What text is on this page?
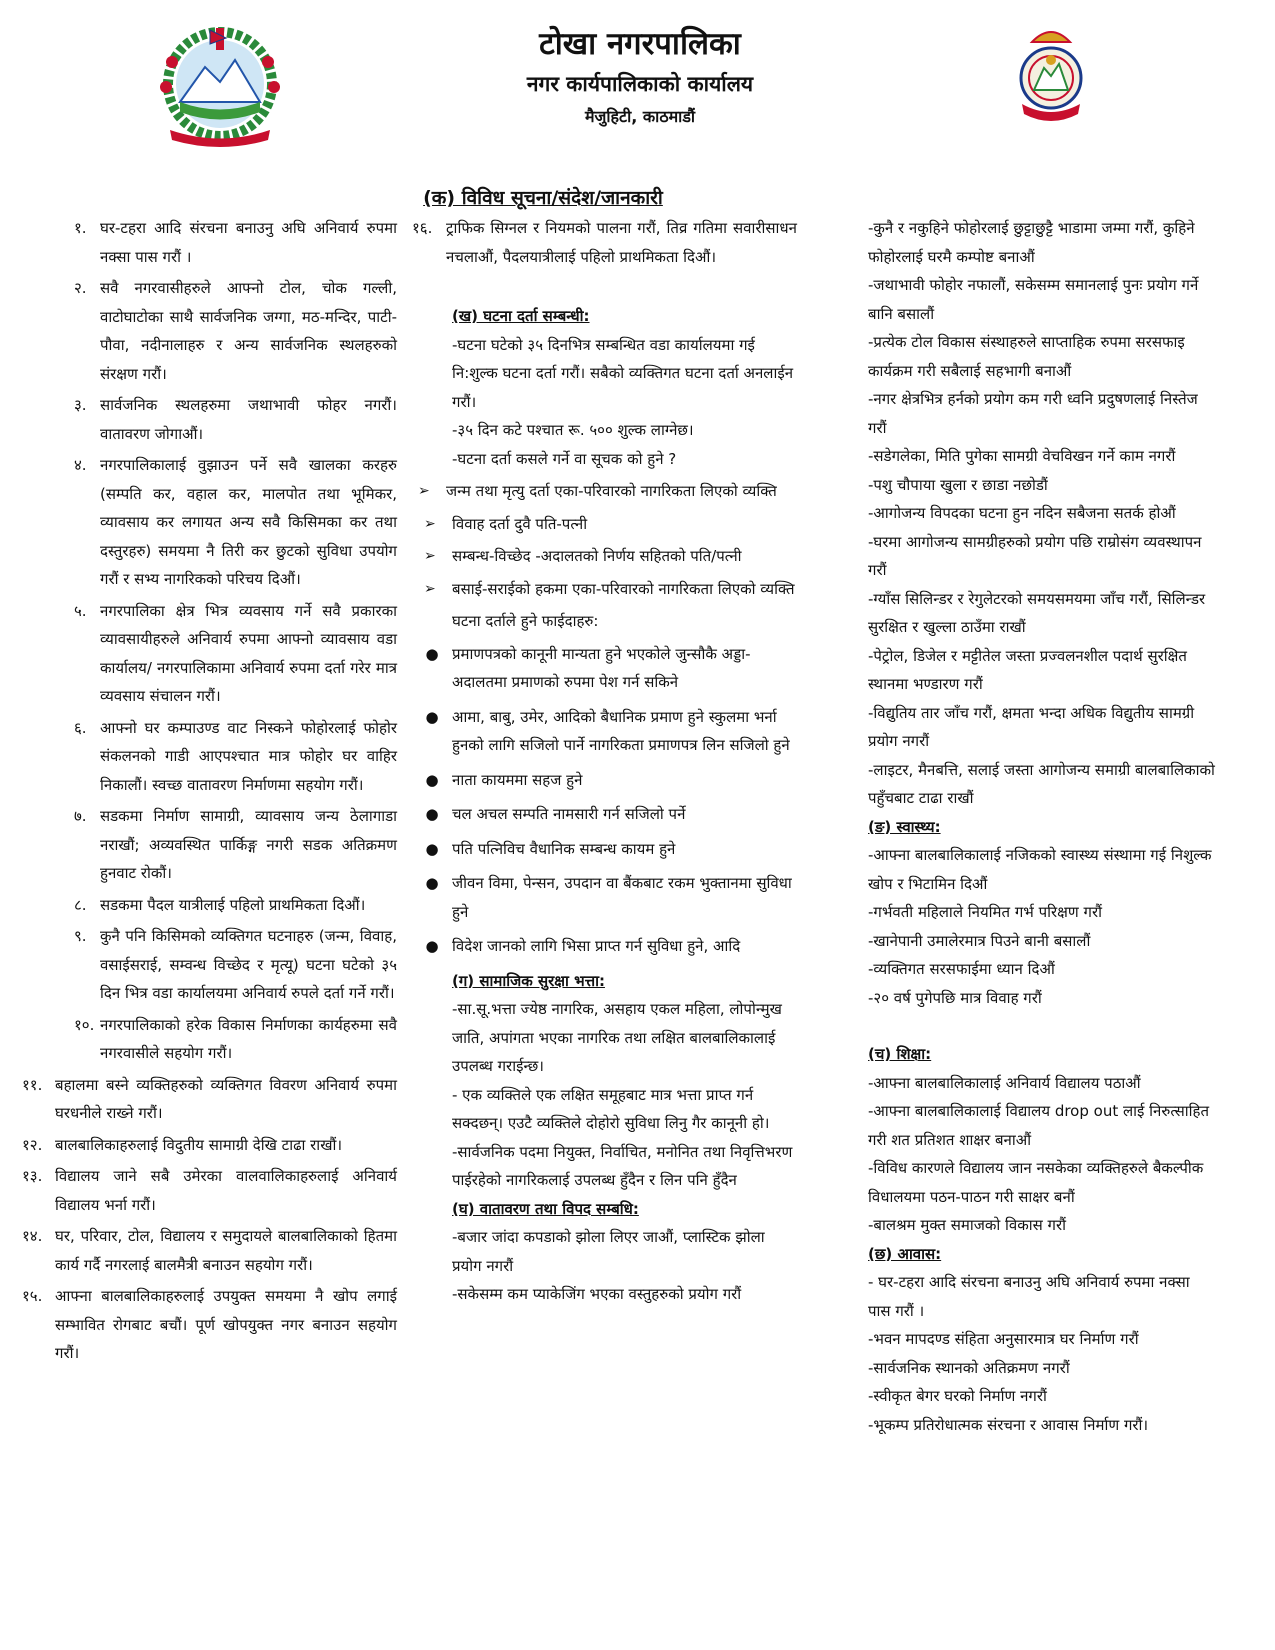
टोखा नगरपालिका
नगर कार्यपालिकाको कार्यालय
मैजुहिटी, काठमाडौं
(क) विविध सूचना/संदेश/जानकारी
१. घर-टहरा आदि संरचना बनाउनु अघि अनिवार्य रुपमा नक्सा पास गरौं ।
२. सवै नगरवासीहरुले आफ्नो टोल, चोक गल्ली, वाटोघाटोका साथै सार्वजनिक जग्गा, मठ-मन्दिर, पाटी-पौवा, नदीनालाहरु र अन्य सार्वजनिक स्थलहरुको संरक्षण गरौं।
३. सार्वजनिक स्थलहरुमा जथाभावी फोहर नगरौं। वातावरण जोगाऔं।
४. नगरपालिकालाई वुझाउन पर्ने सवै खालका करहरु (सम्पति कर, वहाल कर, मालपोत तथा भूमिकर, व्यावसाय कर लगायत अन्य सवै किसिमका कर तथा दस्तुरहरु) समयमा नै तिरी कर छुटको सुविधा उपयोग गरौं र सभ्य नागरिकको परिचय दिऔं।
५. नगरपालिका क्षेत्र भित्र व्यवसाय गर्ने सवै प्रकारका व्यावसायीहरुले अनिवार्य रुपमा आफ्नो व्यावसाय वडा कार्यालय/ नगरपालिकामा अनिवार्य रुपमा दर्ता गरेर मात्र व्यवसाय संचालन गरौं।
६. आफ्नो घर कम्पाउण्ड वाट निस्कने फोहोरलाई फोहोर संकलनको गाडी आएपश्चात मात्र फोहोर घर वाहिर निकालौं। स्वच्छ वातावरण निर्माणमा सहयोग गरौं।
७. सडकमा निर्माण सामाग्री, व्यावसाय जन्य ठेलागाडा नराखौं; अव्यवस्थित पार्किङ्ग नगरी सडक अतिक्रमण हुनवाट रोकौं।
८. सडकमा पैदल यात्रीलाई पहिलो प्राथमिकता दिऔं।
९. कुनै पनि किसिमको व्यक्तिगत घटनाहरु (जन्म, विवाह, वसाईसराई, सम्वन्ध विच्छेद र मृत्यू) घटना घटेको ३५ दिन भित्र वडा कार्यालयमा अनिवार्य रुपले दर्ता गर्ने गरौं।
१०. नगरपालिकाको हरेक विकास निर्माणका कार्यहरुमा सवै नगरवासीले सहयोग गरौं।
११. बहालमा बस्ने व्यक्तिहरुको व्यक्तिगत विवरण अनिवार्य रुपमा घरधनीले राख्ने गरौं।
१२. बालबालिकाहरुलाई विदुतीय सामाग्री देखि टाढा राखौं।
१३. विद्यालय जाने सबै उमेरका वालवालिकाहरुलाई अनिवार्य विद्यालय भर्ना गरौं।
१४. घर, परिवार, टोल, विद्यालय र समुदायले बालबालिकाको हितमा कार्य गर्दै नगरलाई बालमैत्री बनाउन सहयोग गरौं।
१५. आफ्ना बालबालिकाहरुलाई उपयुक्त समयमा नै खोप लगाई सम्भावित रोगबाट बचौं। पूर्ण खोपयुक्त नगर बनाउन सहयोग गरौं।
१६. ट्राफिक सिग्नल र नियमको पालना गरौं, तिव्र गतिमा सवारीसाधन नचलाऔं, पैदलयात्रीलाई पहिलो प्राथमिकता दिऔं।
(ख) घटना दर्ता सम्बन्धी:
-घटना घटेको ३५ दिनभित्र सम्बन्धित वडा कार्यालयमा गई नि:शुल्क घटना दर्ता गरौं। सबैको व्यक्तिगत घटना दर्ता अनलाईन गरौं।
-३५ दिन कटे पश्चात रू. ५०० शुल्क लाग्नेछ।
-घटना दर्ता कसले गर्ने वा सूचक को हुने ?
➢	जन्म तथा मृत्यु दर्ता एका-परिवारको नागरिकता लिएको व्यक्ति
➢	विवाह दर्ता दुवै पति-पत्नी
➢	सम्बन्ध-विच्छेद -अदालतको निर्णय सहितको पति/पत्नी
➢	बसाई-सराईको हकमा एका-परिवारको नागरिकता लिएको व्यक्ति
घटना दर्ताले हुने फाईदाहरु:
● प्रमाणपत्रको कानूनी मान्यता हुने भएकोले जुन्सौकै अड्डा-अदालतमा प्रमाणको रुपमा पेश गर्न सकिने
● आमा, बाबु, उमेर, आदिको बैधानिक प्रमाण हुने स्कुलमा भर्ना हुनको लागि सजिलो पार्ने नागरिकता प्रमाणपत्र लिन सजिलो हुने
● नाता कायममा सहज हुने
● चल अचल सम्पति नामसारी गर्न सजिलो पर्ने
● पति पत्निविच वैधानिक सम्बन्ध कायम हुने
● जीवन विमा, पेन्सन, उपदान वा बैंकबाट रकम भुक्तानमा सुविधा हुने
● विदेश जानको लागि भिसा प्राप्त गर्न सुविधा हुने, आदि
(ग) सामाजिक सुरक्षा भत्ता:
-सा.सू.भत्ता ज्येष्ठ नागरिक, असहाय एकल महिला, लोपोन्मुख जाति, अपांगता भएका नागरिक तथा लक्षित बालबालिकालाई उपलब्ध गराईन्छ।
- एक व्यक्तिले एक लक्षित समूहबाट मात्र भत्ता प्राप्त गर्न सक्दछन्। एउटै व्यक्तिले दोहोरो सुविधा लिनु गैर कानूनी हो।
-सार्वजनिक पदमा नियुक्त, निर्वाचित, मनोनित तथा निवृत्तिभरण पाईरहेको नागरिकलाई उपलब्ध हुँदैन र लिन पनि हुँदैन
(घ) वातावरण तथा विपद सम्बधि:
-बजार जांदा कपडाको झोला लिएर जाऔं, प्लास्टिक झोला प्रयोग नगरौं
-सकेसम्म कम प्याकेजिंग भएका वस्तुहरुको प्रयोग गरौं
-कुनै र नकुहिने फोहोरलाई छुट्टाछुट्टै भाडामा जम्मा गरौं, कुहिने फोहोरलाई घरमै कम्पोष्ट बनाऔं
-जथाभावी फोहोर नफालौं, सकेसम्म समानलाई पुनः प्रयोग गर्ने बानि बसालौं
-प्रत्येक टोल विकास संस्थाहरुले साप्ताहिक रुपमा सरसफाइ कार्यक्रम गरी सबैलाई सहभागी बनाऔं
-नगर क्षेत्रभित्र हर्नको प्रयोग कम गरी ध्वनि प्रदुषणलाई निस्तेज गरौं
-सडेगलेका, मिति पुगेका सामग्री वेचविखन गर्ने काम नगरौं
-पशु चौपाया खुला र छाडा नछोडौं
-आगोजन्य विपदका घटना हुन नदिन सबैजना सतर्क होऔं
-घरमा आगोजन्य सामग्रीहरुको प्रयोग पछि राम्रोसंग व्यवस्थापन गरौं
-ग्याँस सिलिन्डर र रेगुलेटरको समयसमयमा जाँच गरौं, सिलिन्डर सुरक्षित र खुल्ला ठाउँमा राखौं
-पेट्रोल, डिजेल र मट्टीतेल जस्ता प्रज्वलनशील पदार्थ सुरक्षित स्थानमा भण्डारण गरौं
-विद्युतिय तार जाँच गरौं, क्षमता भन्दा अधिक विद्युतीय सामग्री प्रयोग नगरौं
-लाइटर, मैनबत्ति, सलाई जस्ता आगोजन्य समाग्री बालबालिकाको पहुँचबाट टाढा राखौं
(ङ) स्वास्थ्य:
-आफ्ना बालबालिकालाई नजिकको स्वास्थ्य संस्थामा गई निशुल्क खोप र भिटामिन दिऔं
-गर्भवती महिलाले नियमित गर्भ परिक्षण गरौं
-खानेपानी उमालेरमात्र पिउने बानी बसालौं
-व्यक्तिगत सरसफाईमा ध्यान दिऔं
-२० वर्ष पुगेपछि मात्र विवाह गरौं
(च) शिक्षा:
-आफ्ना बालबालिकालाई अनिवार्य विद्यालय पठाऔं
-आफ्ना बालबालिकालाई विद्यालय drop out लाई निरुत्साहित गरी शत प्रतिशत शाक्षर बनाऔं
-विविध कारणले विद्यालय जान नसकेका व्यक्तिहरुले बैकल्पीक विधालयमा पठन-पाठन गरी साक्षर बनौं
-बालश्रम मुक्त समाजको विकास गरौं
(छ) आवास:
- घर-टहरा आदि संरचना बनाउनु अघि अनिवार्य रुपमा नक्सा पास गरौं ।
-भवन मापदण्ड संहिता अनुसारमात्र घर निर्माण गरौं
-सार्वजनिक स्थानको अतिक्रमण नगरौं
-स्वीकृत बेगर घरको निर्माण नगरौं
-भूकम्प प्रतिरोधात्मक संरचना र आवास निर्माण गरौं।
